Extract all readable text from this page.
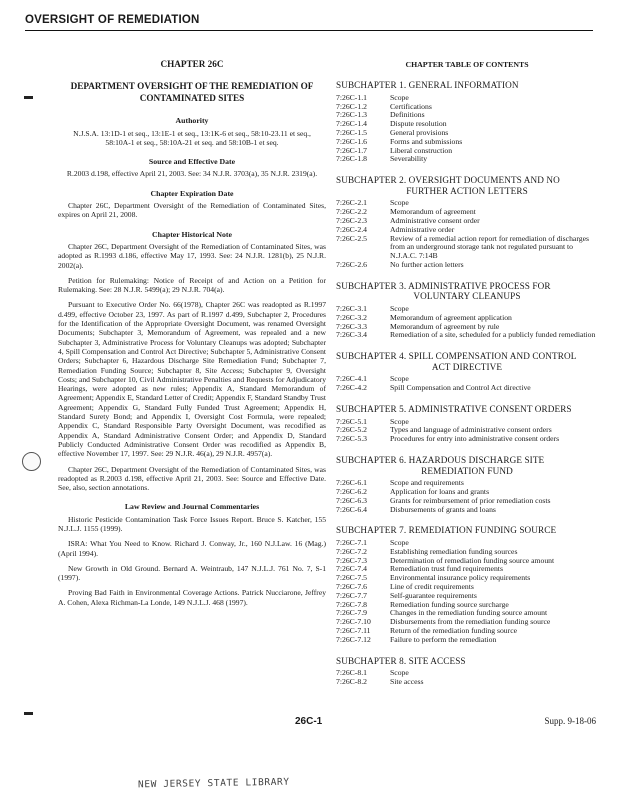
OVERSIGHT OF REMEDIATION
CHAPTER 26C
DEPARTMENT OVERSIGHT OF THE REMEDIATION OF CONTAMINATED SITES
Authority
N.J.S.A. 13:1D-1 et seq., 13:1E-1 et seq., 13:1K-6 et seq., 58:10-23.11 et seq., 58:10A-1 et seq., 58:10A-21 et seq. and 58:10B-1 et seq.
Source and Effective Date
R.2003 d.198, effective April 21, 2003. See: 34 N.J.R. 3703(a), 35 N.J.R. 2319(a).
Chapter Expiration Date
Chapter 26C, Department Oversight of the Remediation of Contaminated Sites, expires on April 21, 2008.
Chapter Historical Note
Chapter 26C, Department Oversight of the Remediation of Contaminated Sites, was adopted as R.1993 d.186, effective May 17, 1993. See: 24 N.J.R. 1281(b), 25 N.J.R. 2002(a).
Petition for Rulemaking: Notice of Receipt of and Action on a Petition for Rulemaking. See: 28 N.J.R. 5499(a); 29 N.J.R. 704(a).
Pursuant to Executive Order No. 66(1978), Chapter 26C was readopted as R.1997 d.499, effective October 23, 1997. As part of R.1997 d.499, Subchapter 2, Procedures for the Identification of the Appropriate Oversight Document, was renamed Oversight Documents; Subchapter 3, Memorandum of Agreement, was repealed and a new Subchapter 3, Administrative Process for Voluntary Cleanups was adopted; Subchapter 4, Spill Compensation and Control Act Directive; Subchapter 5, Administrative Consent Orders; Subchapter 6, Hazardous Discharge Site Remediation Fund; Subchapter 7, Remediation Funding Source; Subchapter 8, Site Access; Subchapter 9, Oversight Costs; and Subchapter 10, Civil Administrative Penalties and Requests for Adjudicatory Hearings, were adopted as new rules; Appendix A, Standard Memorandum of Agreement; Appendix E, Standard Letter of Credit; Appendix F, Standard Standby Trust Agreement; Appendix G, Standard Fully Funded Trust Agreement; Appendix H, Standard Surety Bond; and Appendix I, Oversight Cost Formula, were repealed; Appendix C, Standard Responsible Party Oversight Document, was recodified as Appendix A, Standard Administrative Consent Order; and Appendix D, Standard Publicly Conducted Administrative Consent Order was recodified as Appendix B, effective November 17, 1997. See: 29 N.J.R. 46(a), 29 N.J.R. 4957(a).
Chapter 26C, Department Oversight of the Remediation of Contaminated Sites, was readopted as R.2003 d.198, effective April 21, 2003. See: Source and Effective Date. See, also, section annotations.
Law Review and Journal Commentaries
Historic Pesticide Contamination Task Force Issues Report. Bruce S. Katcher, 155 N.J.L.J. 1155 (1999).
ISRA: What You Need to Know. Richard J. Conway, Jr., 160 N.J.Law. 16 (Mag.) (April 1994).
New Growth in Old Ground. Bernard A. Weintraub, 147 N.J.L.J. 761 No. 7, S-1 (1997).
Proving Bad Faith in Environmental Coverage Actions. Patrick Nucciarone, Jeffrey A. Cohen, Alexa Richman-La Londe, 149 N.J.L.J. 468 (1997).
CHAPTER TABLE OF CONTENTS
SUBCHAPTER 1. GENERAL INFORMATION
7:26C-1.1	Scope
7:26C-1.2	Certifications
7:26C-1.3	Definitions
7:26C-1.4	Dispute resolution
7:26C-1.5	General provisions
7:26C-1.6	Forms and submissions
7:26C-1.7	Liberal construction
7:26C-1.8	Severability
SUBCHAPTER 2. OVERSIGHT DOCUMENTS AND NO
FURTHER ACTION LETTERS
7:26C-2.1	Scope
7:26C-2.2	Memorandum of agreement
7:26C-2.3	Administrative consent order
7:26C-2.4	Administrative order
7:26C-2.5	Review of a remedial action report for remediation of discharges from an underground storage tank not regulated pursuant to N.J.A.C. 7:14B
7:26C-2.6	No further action letters
SUBCHAPTER 3. ADMINISTRATIVE PROCESS FOR
VOLUNTARY CLEANUPS
7:26C-3.1	Scope
7:26C-3.2	Memorandum of agreement application
7:26C-3.3	Memorandum of agreement by rule
7:26C-3.4	Remediation of a site, scheduled for a publicly funded remediation
SUBCHAPTER 4. SPILL COMPENSATION AND CONTROL
ACT DIRECTIVE
7:26C-4.1	Scope
7:26C-4.2	Spill Compensation and Control Act directive
SUBCHAPTER 5. ADMINISTRATIVE CONSENT ORDERS
7:26C-5.1	Scope
7:26C-5.2	Types and language of administrative consent orders
7:26C-5.3	Procedures for entry into administrative consent orders
SUBCHAPTER 6. HAZARDOUS DISCHARGE SITE
REMEDIATION FUND
7:26C-6.1	Scope and requirements
7:26C-6.2	Application for loans and grants
7:26C-6.3	Grants for reimbursement of prior remediation costs
7:26C-6.4	Disbursements of grants and loans
SUBCHAPTER 7. REMEDIATION FUNDING SOURCE
7:26C-7.1	Scope
7:26C-7.2	Establishing remediation funding sources
7:26C-7.3	Determination of remediation funding source amount
7:26C-7.4	Remediation trust fund requirements
7:26C-7.5	Environmental insurance policy requirements
7:26C-7.6	Line of credit requirements
7:26C-7.7	Self-guarantee requirements
7:26C-7.8	Remediation funding source surcharge
7:26C-7.9	Changes in the remediation funding source amount
7:26C-7.10	Disbursements from the remediation funding source
7:26C-7.11	Return of the remediation funding source
7:26C-7.12	Failure to perform the remediation
SUBCHAPTER 8. SITE ACCESS
7:26C-8.1	Scope
7:26C-8.2	Site access
26C-1	Supp. 9-18-06
NEW JERSEY STATE LIBRARY
